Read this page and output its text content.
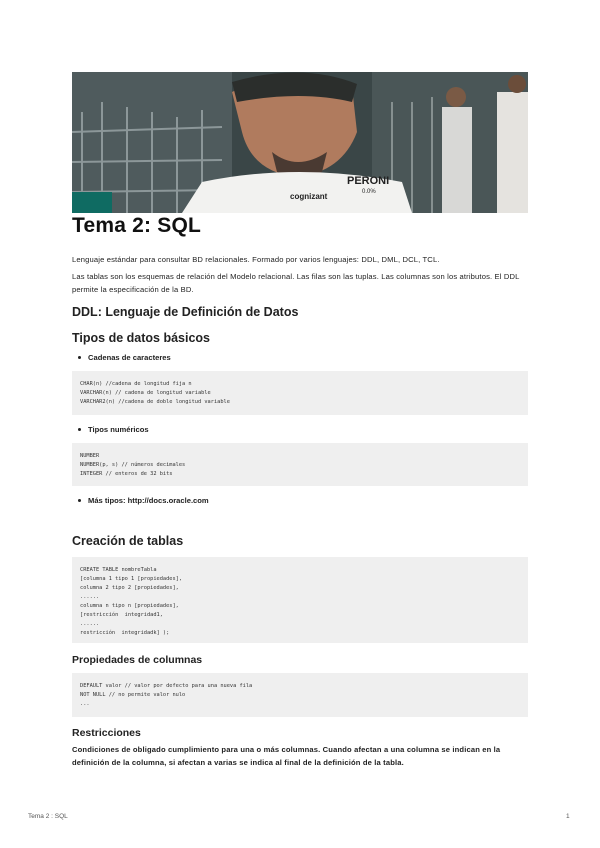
PERONI
0.0%
cognizant
Tema 2: SQL

Lenguaje estándar para consultar BD relacionales. Formado por varios lenguajes: DDL, DML, DCL, TCL.

Las tablas son los esquemas de relación del Modelo relacional. Las filas son las tuplas. Las columnas son los atributos. El DDL permite la especificación de la BD.

DDL: Lenguaje de Definición de Datos
Tipos de datos básicos

Cadenas de caracteres

CHAR(n) //cadena de longitud fija n
VARCHAR(n) // cadena de longitud variable
VARCHAR2(n) //cadena de doble longitud variable

Tipos numéricos

NUMBER
NUMBER(p, s) // números decimales
INTEGER // enteros de 32 bits

Más tipos: http://docs.oracle.com

Creación de tablas
CREATE TABLE nombreTabla
[columna 1 tipo 1 [propiedades],
columna 2 tipo 2 [propiedades],
......
columna n tipo n [propiedades],
[restricción  integridad1,
......
restricción  integridadk] );
Propiedades de columnas
DEFAULT valor // valor por defecto para una nueva fila
NOT NULL // no permite valor nulo
...
Restricciones

Condiciones de obligado cumplimiento para una o más columnas. Cuando afectan a una columna se indican en la definición de la columna, si afectan a varias se indica al final de la definición de la tabla.

Tema 2 : SQL	1
